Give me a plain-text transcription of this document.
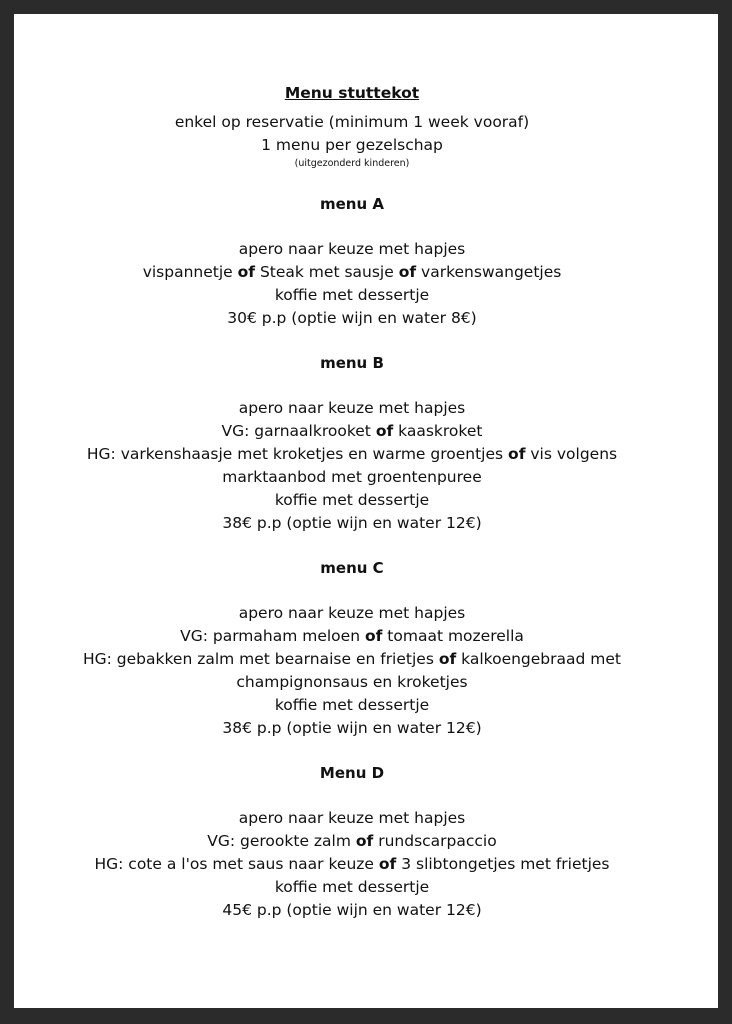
Menu stuttekot
enkel op reservatie (minimum 1 week vooraf)
1 menu per gezelschap
(uitgezonderd kinderen)
menu A
apero naar keuze met hapjes
vispannetje of Steak met sausje of varkenswangetjes
koffie met dessertje
30€ p.p (optie wijn en water 8€)
menu B
apero naar keuze met hapjes
VG: garnaalkrooket of kaaskroket
HG: varkenshaasje met kroketjes en warme groentjes of vis volgens
marktaanbod met groentenpuree
koffie met dessertje
38€ p.p (optie wijn en water 12€)
menu C
apero naar keuze met hapjes
VG: parmaham meloen of tomaat mozerella
HG: gebakken zalm met bearnaise en frietjes of kalkoengebraad met
champignonsaus en kroketjes
koffie met dessertje
38€ p.p (optie wijn en water 12€)
Menu D
apero naar keuze met hapjes
VG: gerookte zalm of rundscarpaccio
HG: cote a l'os met saus naar keuze of 3 slibtongetjes met frietjes
koffie met dessertje
45€ p.p (optie wijn en water 12€)
